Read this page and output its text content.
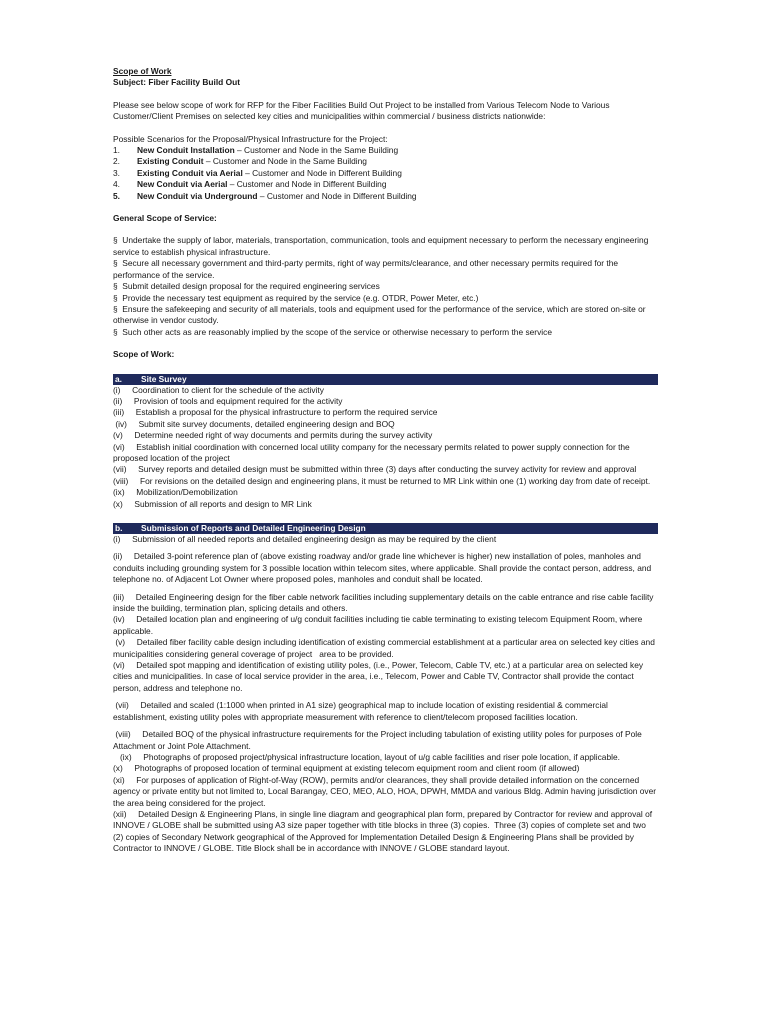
Scope of Work

Subject: Fiber Facility Build Out

Please see below scope of work for RFP for the Fiber Facilities Build Out Project to be installed from Various Telecom Node to Various Customer/Client Premises on selected key cities and municipalities within commercial / business districts nationwide:

Possible Scenarios for the Proposal/Physical Infrastructure for the Project:

1. New Conduit Installation – Customer and Node in the Same Building

2. Existing Conduit – Customer and Node in the Same Building

3. Existing Conduit via Aerial – Customer and Node in Different Building

4. New Conduit via Aerial – Customer and Node in Different Building

5. New Conduit via Underground – Customer and Node in Different Building

General Scope of Service:

§  Undertake the supply of labor, materials, transportation, communication, tools and equipment necessary to perform the necessary engineering service to establish physical infrastructure.

§  Secure all necessary government and third-party permits, right of way permits/clearance, and other necessary permits required for the performance of the service.

§  Submit detailed design proposal for the required engineering services

§  Provide the necessary test equipment as required by the service (e.g. OTDR, Power Meter, etc.)

§  Ensure the safekeeping and security of all materials, tools and equipment used for the performance of the service, which are stored on-site or otherwise in vendor custody.

§  Such other acts as are reasonably implied by the scope of the service or otherwise necessary to perform the service

Scope of Work:

a. Site Survey

(i)     Coordination to client for the schedule of the activity

(ii)     Provision of tools and equipment required for the activity

(iii)     Establish a proposal for the physical infrastructure to perform the required service

(iv)     Submit site survey documents, detailed engineering design and BOQ

(v)     Determine needed right of way documents and permits during the survey activity

(vi)     Establish initial coordination with concerned local utility company for the necessary permits related to power supply connection for the proposed location of the project

(vii)     Survey reports and detailed design must be submitted within three (3) days after conducting the survey activity for review and approval

(viii)     For revisions on the detailed design and engineering plans, it must be returned to MR Link within one (1) working day from date of receipt.

(ix)     Mobilization/Demobilization

(x)     Submission of all reports and design to MR Link

b. Submission of Reports and Detailed Engineering Design

(i)     Submission of all needed reports and detailed engineering design as may be required by the client

(ii)     Detailed 3-point reference plan of (above existing roadway and/or grade line whichever is higher) new installation of poles, manholes and conduits including grounding system for 3 possible location within telecom sites, where applicable. Shall provide the contact person, address, and telephone no. of Adjacent Lot Owner where proposed poles, manholes and conduit shall be located.

(iii)     Detailed Engineering design for the fiber cable network facilities including supplementary details on the cable entrance and rise cable facility inside the building, termination plan, splicing details and others.

(iv)     Detailed location plan and engineering of u/g conduit facilities including tie cable terminating to existing telecom Equipment Room, where applicable.

(v)     Detailed fiber facility cable design including identification of existing commercial establishment at a particular area on selected key cities and municipalities considering general coverage of project   area to be provided.

(vi)     Detailed spot mapping and identification of existing utility poles, (i.e., Power, Telecom, Cable TV, etc.) at a particular area on selected key cities and municipalities. In case of local service provider in the area, i.e., Telecom, Power and Cable TV, Contractor shall provide the contact person, address and telephone no.

(vii)     Detailed and scaled (1:1000 when printed in A1 size) geographical map to include location of existing residential & commercial establishment, existing utility poles with appropriate measurement with reference to client/telecom proposed facilities location.

(viii)     Detailed BOQ of the physical infrastructure requirements for the Project including tabulation of existing utility poles for purposes of Pole Attachment or Joint Pole Attachment.

(ix)     Photographs of proposed project/physical infrastructure location, layout of u/g cable facilities and riser pole location, if applicable.

(x)     Photographs of proposed location of terminal equipment at existing telecom equipment room and client room (if allowed)

(xi)     For purposes of application of Right-of-Way (ROW), permits and/or clearances, they shall provide detailed information on the concerned agency or private entity but not limited to, Local Barangay, CEO, MEO, ALO, HOA, DPWH, MMDA and various Bldg. Admin having jurisdiction over the area being considered for the project.

(xii)     Detailed Design & Engineering Plans, in single line diagram and geographical plan form, prepared by Contractor for review and approval of INNOVE / GLOBE shall be submitted using A3 size paper together with title blocks in three (3) copies.  Three (3) copies of complete set and two (2) copies of Secondary Network geographical of the Approved for Implementation Detailed Design & Engineering Plans shall be provided by Contractor to INNOVE / GLOBE. Title Block shall be in accordance with INNOVE / GLOBE standard layout.
